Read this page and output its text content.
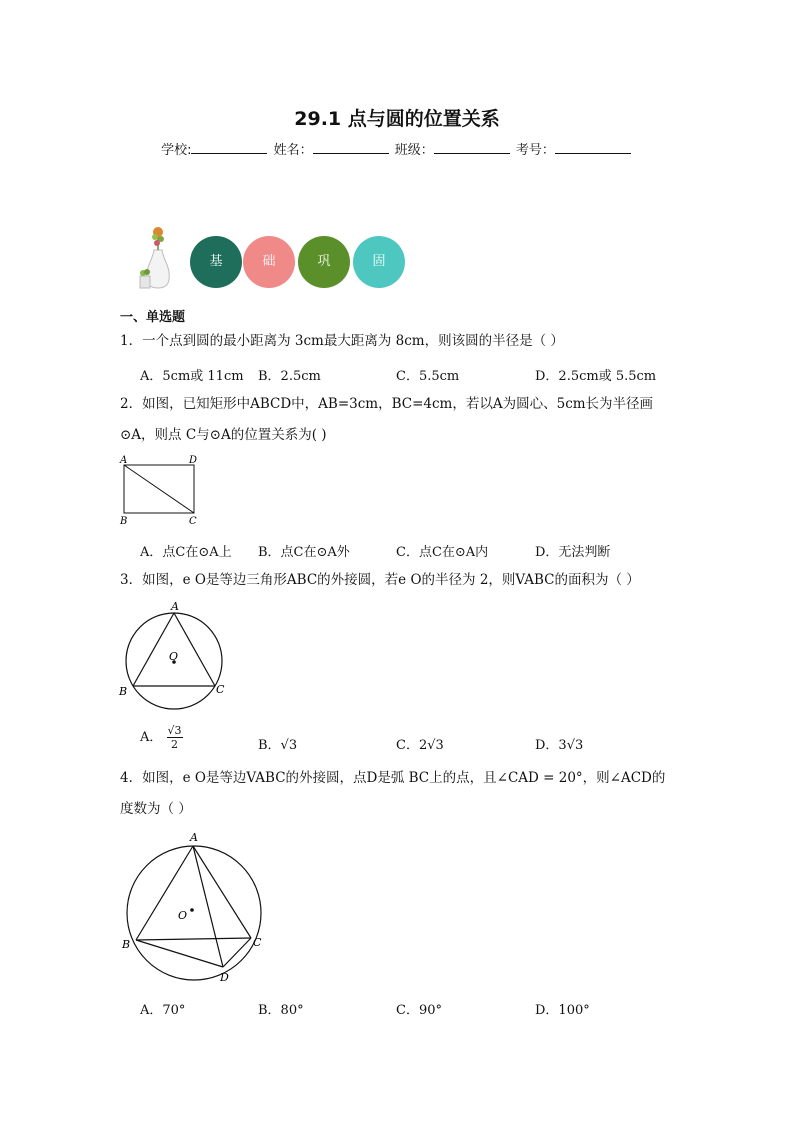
29.1 点与圆的位置关系
学校:	姓名：	班级：	考号：
基	础	巩	固
一、单选题
1．一个点到圆的最小距离为 3cm最大距离为 8cm，则该圆的半径是（ ）
A．5cm或 11cm B．2.5cm	C．5.5cm	D．2.5cm或 5.5cm
2．如图，已知矩形中ABCD中，AB=3cm，BC=4cm，若以A为圆心、5cm长为半径画
⊙A，则点 C与⊙A的位置关系为( )
A	D
B	C
A．点C在⊙A上 B．点C在⊙A外	C．点C在⊙A内	D．无法判断
3．如图，e O是等边三角形ABC的外接圆，若e O的半径为 2，则VABC的面积为（ ）
A
B	C
O
A． $\frac{√3}{2}$	B．√3	C．2√3	D．3√3
4．如图，e O是等边VABC的外接圆，点D是弧 BC上的点，且∠CAD = 20°，则∠ACD的
度数为（ ）
A
B	C
D
O
A．70°	B．80°	C．90°	D．100°
